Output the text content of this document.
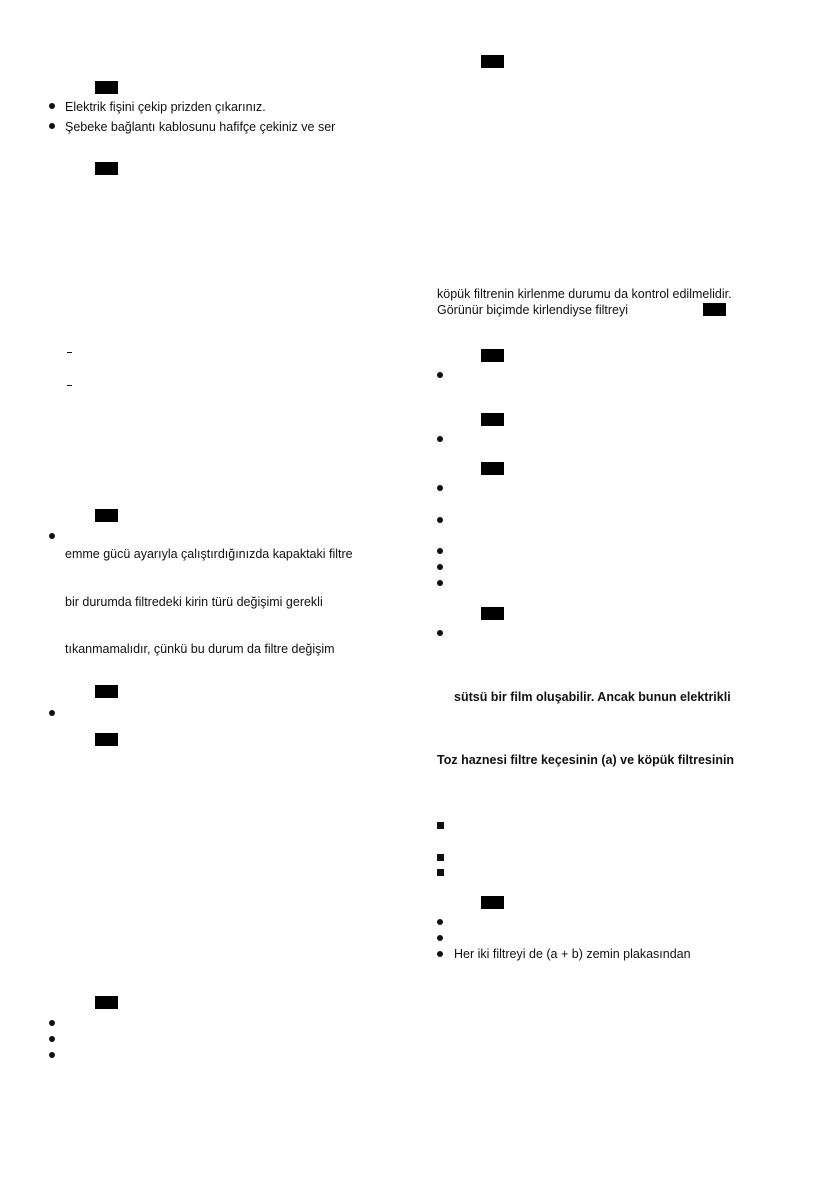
Elektrik fişini çekip prizden çıkarınız.
Şebeke bağlantı kablosunu hafifçe çekiniz ve ser
emme gücü ayarıyla çalıştırdığınızda kapaktaki filtre
bir durumda filtredeki kirin türü değişimi gerekli
tıkanmamalıdır, çünkü bu durum da filtre değişim
köpük filtrenin kirlenme durumu da kontrol edilmelidir.
Görünür biçimde kirlendiyse filtreyi
sütsü bir film oluşabilir. Ancak bunun elektrikli
Toz haznesi filtre keçesinin (a) ve köpük filtresinin
Her iki filtreyi de (a + b) zemin plakasından
